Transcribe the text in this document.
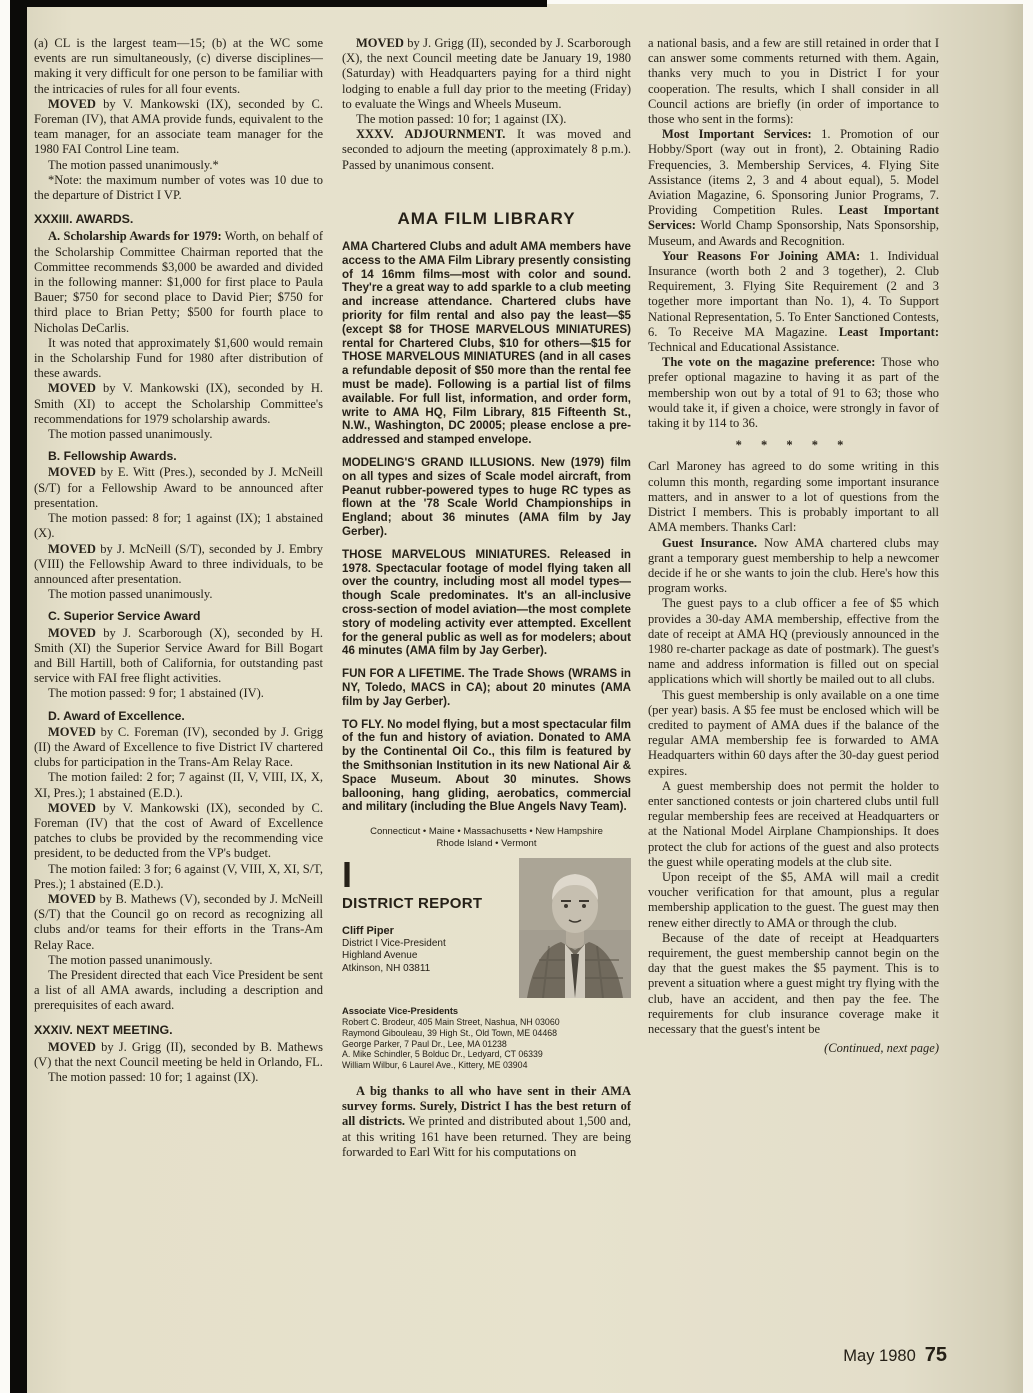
(a) CL is the largest team—15; (b) at the WC some events are run simultaneously, (c) diverse disciplines—making it very difficult for one person to be familiar with the intricacies of rules for all four events.

MOVED by V. Mankowski (IX), seconded by C. Foreman (IV), that AMA provide funds, equivalent to the team manager, for an associate team manager for the 1980 FAI Control Line team.

The motion passed unanimously.*

*Note: the maximum number of votes was 10 due to the departure of District I VP.

XXXIII. AWARDS.

A. Scholarship Awards for 1979: Worth, on behalf of the Scholarship Committee Chairman reported that the Committee recommends $3,000 be awarded and divided in the following manner: $1,000 for first place to Paula Bauer; $750 for second place to David Pier; $750 for third place to Brian Petty; $500 for fourth place to Nicholas DeCarlis.

It was noted that approximately $1,600 would remain in the Scholarship Fund for 1980 after distribution of these awards.

MOVED by V. Mankowski (IX), seconded by H. Smith (XI) to accept the Scholarship Committee's recommendations for 1979 scholarship awards.

The motion passed unanimously.

B. Fellowship Awards.

MOVED by E. Witt (Pres.), seconded by J. McNeill (S/T) for a Fellowship Award to be announced after presentation.

The motion passed: 8 for; 1 against (IX); 1 abstained (X).

MOVED by J. McNeill (S/T), seconded by J. Embry (VIII) the Fellowship Award to three individuals, to be announced after presentation.

The motion passed unanimously.

C. Superior Service Award

MOVED by J. Scarborough (X), seconded by H. Smith (XI) the Superior Service Award for Bill Bogart and Bill Hartill, both of California, for outstanding past service with FAI free flight activities.

The motion passed: 9 for; 1 abstained (IV).

D. Award of Excellence.

MOVED by C. Foreman (IV), seconded by J. Grigg (II) the Award of Excellence to five District IV chartered clubs for participation in the Trans-Am Relay Race.

The motion failed: 2 for; 7 against (II, V, VIII, IX, X, XI, Pres.); 1 abstained (E.D.).

MOVED by V. Mankowski (IX), seconded by C. Foreman (IV) that the cost of Award of Excellence patches to clubs be provided by the recommending vice president, to be deducted from the VP's budget.

The motion failed: 3 for; 6 against (V, VIII, X, XI, S/T, Pres.); 1 abstained (E.D.).

MOVED by B. Mathews (V), seconded by J. McNeill (S/T) that the Council go on record as recognizing all clubs and/or teams for their efforts in the Trans-Am Relay Race.

The motion passed unanimously.

The President directed that each Vice President be sent a list of all AMA awards, including a description and prerequisites of each award.

XXXIV. NEXT MEETING.

MOVED by J. Grigg (II), seconded by B. Mathews (V) that the next Council meeting be held in Orlando, FL.

The motion passed: 10 for; 1 against (IX).

MOVED by J. Grigg (II), seconded by J. Scarborough (X), the next Council meeting date be January 19, 1980 (Saturday) with Headquarters paying for a third night lodging to enable a full day prior to the meeting (Friday) to evaluate the Wings and Wheels Museum.

The motion passed: 10 for; 1 against (IX).

XXXV. ADJOURNMENT. It was moved and seconded to adjourn the meeting (approximately 8 p.m.). Passed by unanimous consent.

AMA FILM LIBRARY

AMA Chartered Clubs and adult AMA members have access to the AMA Film Library presently consisting of 14 16mm films—most with color and sound. They're a great way to add sparkle to a club meeting and increase attendance. Chartered clubs have priority for film rental and also pay the least—$5 (except $8 for THOSE MARVELOUS MINIATURES) rental for Chartered Clubs, $10 for others—$15 for THOSE MARVELOUS MINIATURES (and in all cases a refundable deposit of $50 more than the rental fee must be made). Following is a partial list of films available. For full list, information, and order form, write to AMA HQ, Film Library, 815 Fifteenth St., N.W., Washington, DC 20005; please enclose a pre-addressed and stamped envelope.

MODELING'S GRAND ILLUSIONS. New (1979) film on all types and sizes of Scale model aircraft, from Peanut rubber-powered types to huge RC types as flown at the '78 Scale World Championships in England; about 36 minutes (AMA film by Jay Gerber).

THOSE MARVELOUS MINIATURES. Released in 1978. Spectacular footage of model flying taken all over the country, including most all model types—though Scale predominates. It's an all-inclusive cross-section of model aviation—the most complete story of modeling activity ever attempted. Excellent for the general public as well as for modelers; about 46 minutes (AMA film by Jay Gerber).

FUN FOR A LIFETIME. The Trade Shows (WRAMS in NY, Toledo, MACS in CA); about 20 minutes (AMA film by Jay Gerber).

TO FLY. No model flying, but a most spectacular film of the fun and history of aviation. Donated to AMA by the Continental Oil Co., this film is featured by the Smithsonian Institution in its new National Air & Space Museum. About 30 minutes. Shows ballooning, hang gliding, aerobatics, commercial and military (including the Blue Angels Navy Team).

Connecticut • Maine • Massachusetts • New Hampshire
Rhode Island • Vermont
I
DISTRICT REPORT
Cliff Piper
District I Vice-President
Highland Avenue
Atkinson, NH 03811
Associate Vice-Presidents
Robert C. Brodeur, 405 Main Street, Nashua, NH 03060
Raymond Gibouleau, 39 High St., Old Town, ME 04468
George Parker, 7 Paul Dr., Lee, MA 01238
A. Mike Schindler, 5 Bolduc Dr., Ledyard, CT 06339
William Wilbur, 6 Laurel Ave., Kittery, ME 03904

A big thanks to all who have sent in their AMA survey forms. Surely, District I has the best return of all districts. We printed and distributed about 1,500 and, at this writing 161 have been returned. They are being forwarded to Earl Witt for his computations on

a national basis, and a few are still retained in order that I can answer some comments returned with them. Again, thanks very much to you in District I for your cooperation. The results, which I shall consider in all Council actions are briefly (in order of importance to those who sent in the forms):

Most Important Services: 1. Promotion of our Hobby/Sport (way out in front), 2. Obtaining Radio Frequencies, 3. Membership Services, 4. Flying Site Assistance (items 2, 3 and 4 about equal), 5. Model Aviation Magazine, 6. Sponsoring Junior Programs, 7. Providing Competition Rules. Least Important Services: World Champ Sponsorship, Nats Sponsorship, Museum, and Awards and Recognition.

Your Reasons For Joining AMA: 1. Individual Insurance (worth both 2 and 3 together), 2. Club Requirement, 3. Flying Site Requirement (2 and 3 together more important than No. 1), 4. To Support National Representation, 5. To Enter Sanctioned Contests, 6. To Receive MA Magazine. Least Important: Technical and Educational Assistance.

The vote on the magazine preference: Those who prefer optional magazine to having it as part of the membership won out by a total of 91 to 63; those who would take it, if given a choice, were strongly in favor of taking it by 114 to 36.

* * * * *

Carl Maroney has agreed to do some writing in this column this month, regarding some important insurance matters, and in answer to a lot of questions from the District I members. This is probably important to all AMA members. Thanks Carl:

Guest Insurance. Now AMA chartered clubs may grant a temporary guest membership to help a newcomer decide if he or she wants to join the club. Here's how this program works.

The guest pays to a club officer a fee of $5 which provides a 30-day AMA membership, effective from the date of receipt at AMA HQ (previously announced in the 1980 re-charter package as date of postmark). The guest's name and address information is filled out on special applications which will shortly be mailed out to all clubs.

This guest membership is only available on a one time (per year) basis. A $5 fee must be enclosed which will be credited to payment of AMA dues if the balance of the regular AMA membership fee is forwarded to AMA Headquarters within 60 days after the 30-day guest period expires.

A guest membership does not permit the holder to enter sanctioned contests or join chartered clubs until full regular membership fees are received at Headquarters or at the National Model Airplane Championships. It does protect the club for actions of the guest and also protects the guest while operating models at the club site.

Upon receipt of the $5, AMA will mail a credit voucher verification for that amount, plus a regular membership application to the guest. The guest may then renew either directly to AMA or through the club.

Because of the date of receipt at Headquarters requirement, the guest membership cannot begin on the day that the guest makes the $5 payment. This is to prevent a situation where a guest might try flying with the club, have an accident, and then pay the fee. The requirements for club insurance coverage make it necessary that the guest's intent be

(Continued, next page)
May 1980 75
